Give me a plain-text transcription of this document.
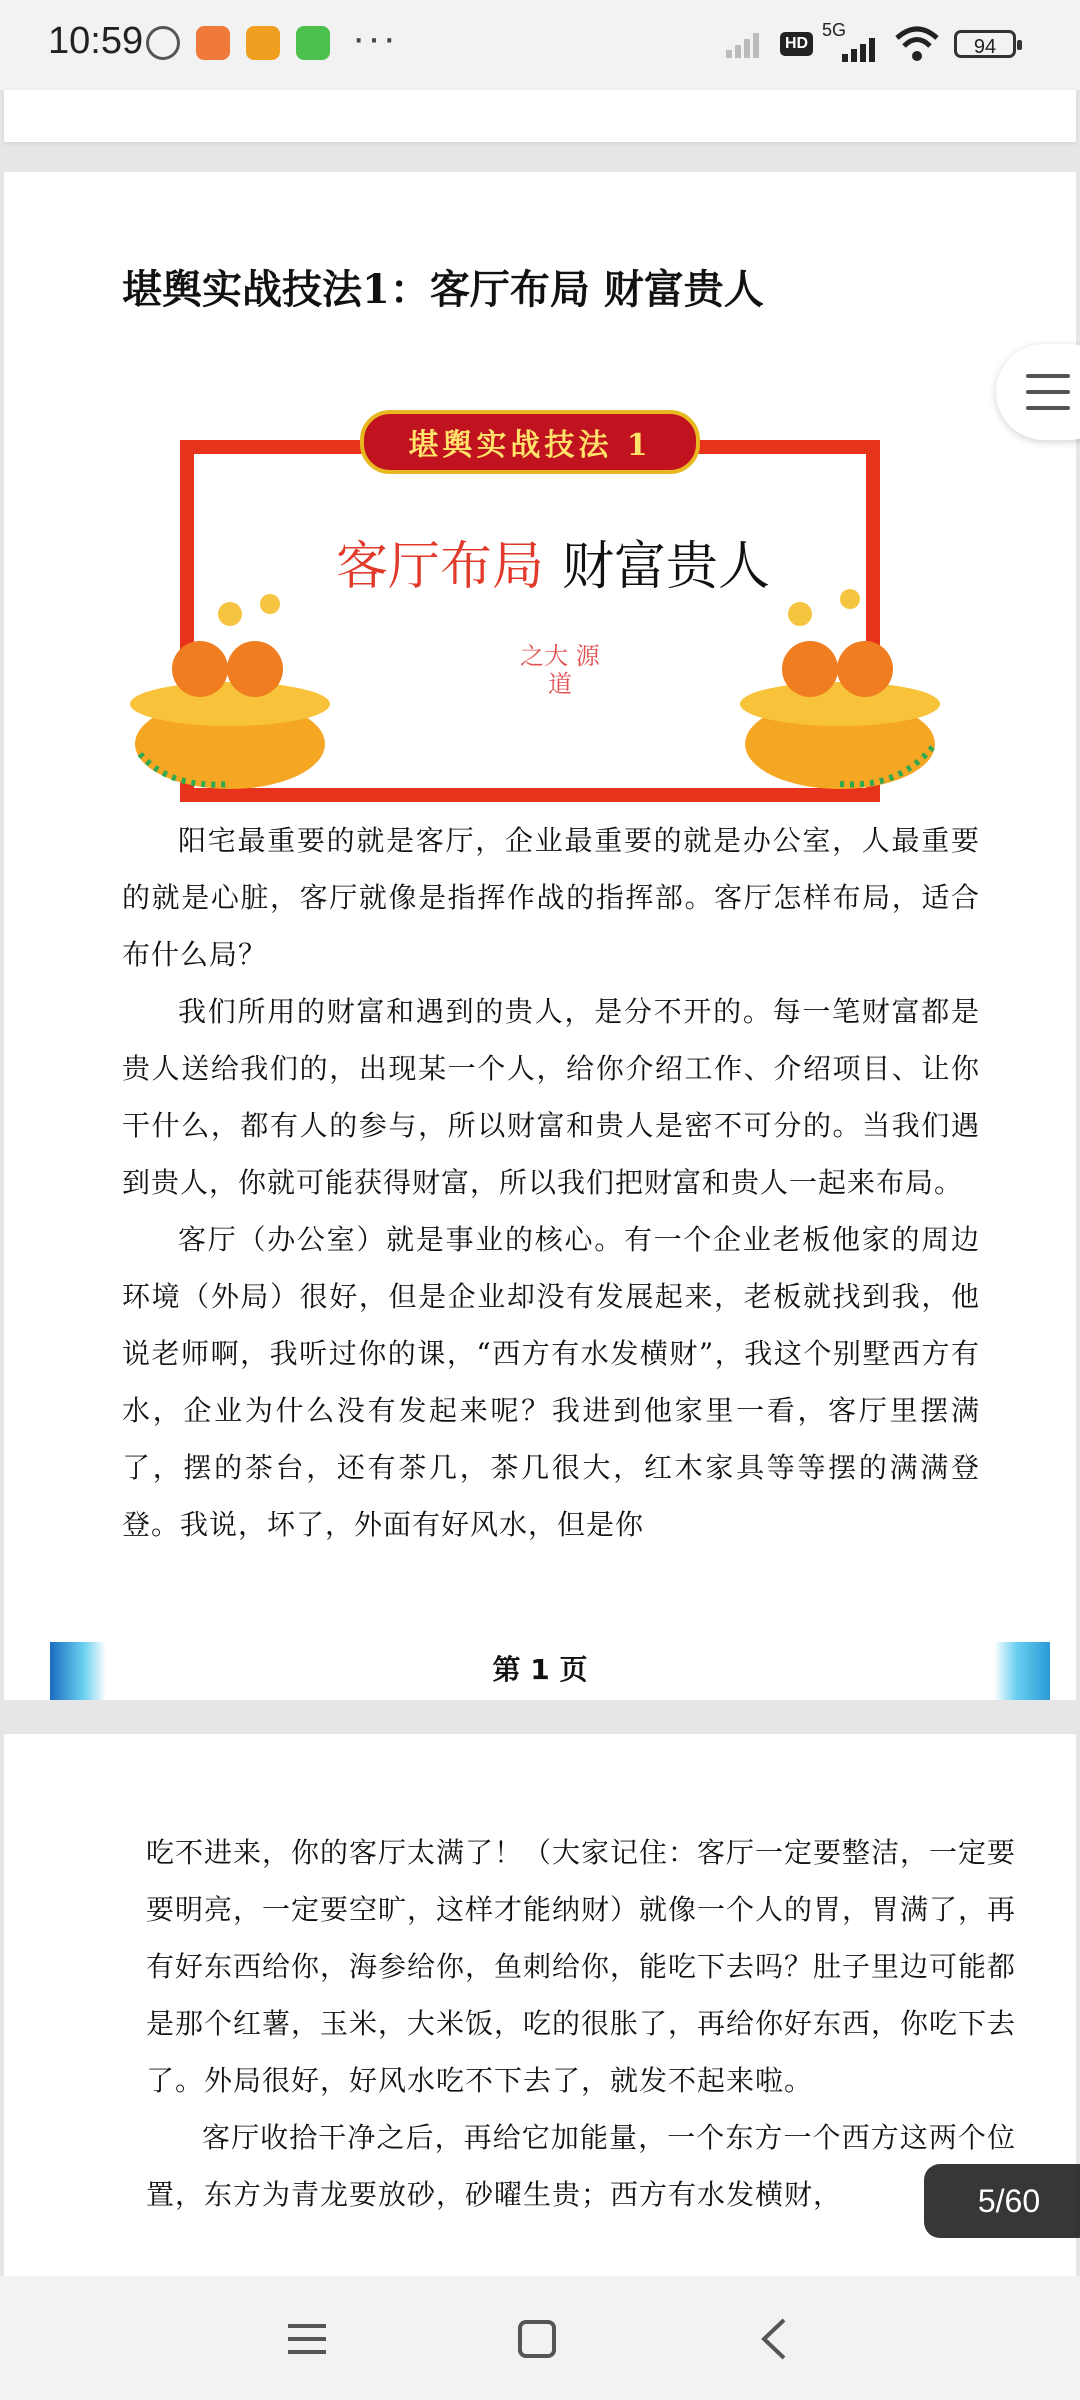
10:59	···	HD
5G
94
堪舆实战技法1：客厅布局 财富贵人
堪舆实战技法 1
客厅布局 财富贵人
之大 源道

阳宅最重要的就是客厅，企业最重要的就是办公室，人最重要的就是心脏，客厅就像是指挥作战的指挥部。客厅怎样布局，适合布什么局？

我们所用的财富和遇到的贵人，是分不开的。每一笔财富都是贵人送给我们的，出现某一个人，给你介绍工作、介绍项目、让你干什么，都有人的参与，所以财富和贵人是密不可分的。当我们遇到贵人，你就可能获得财富，所以我们把财富和贵人一起来布局。

客厅（办公室）就是事业的核心。有一个企业老板他家的周边环境（外局）很好，但是企业却没有发展起来，老板就找到我，他说老师啊，我听过你的课，“西方有水发横财”，我这个别墅西方有水，企业为什么没有发起来呢？我进到他家里一看，客厅里摆满了，摆的茶台，还有茶几，茶几很大，红木家具等等摆的满满登登。我说，坏了，外面有好风水，但是你

第 1 页

吃不进来，你的客厅太满了！（大家记住：客厅一定要整洁，一定要要明亮，一定要空旷，这样才能纳财）就像一个人的胃，胃满了，再有好东西给你，海参给你，鱼刺给你，能吃下去吗？肚子里边可能都是那个红薯，玉米，大米饭，吃的很胀了，再给你好东西，你吃下去了。外局很好，好风水吃不下去了，就发不起来啦。

客厅收拾干净之后，再给它加能量，一个东方一个西方这两个位置，东方为青龙要放砂，砂曜生贵；西方有水发横财，	5/60
